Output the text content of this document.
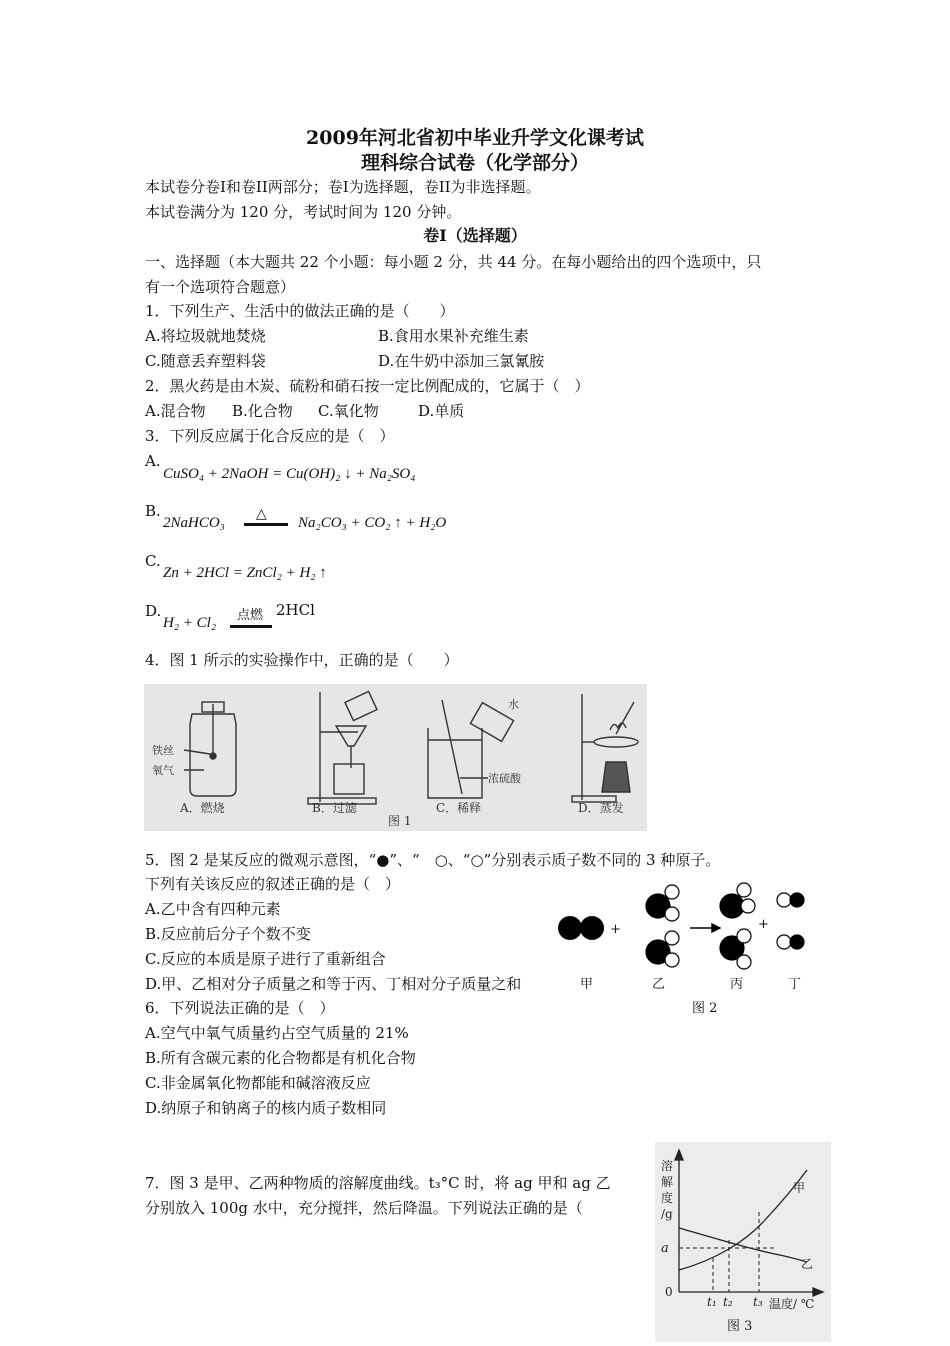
2009年河北省初中毕业升学文化课考试
理科综合试卷（化学部分）
本试卷分卷I和卷II两部分；卷I为选择题，卷II为非选择题。
本试卷满分为 120 分，考试时间为 120 分钟。
卷I（选择题）
一、选择题（本大题共 22 个小题：每小题 2 分，共 44 分。在每小题给出的四个选项中，只
有一个选项符合题意）
1．下列生产、生活中的做法正确的是（　　）
A.将垃圾就地焚烧	B.食用水果补充维生素
C.随意丢弃塑料袋	D.在牛奶中添加三氯氰胺
2．黑火药是由木炭、硫粉和硝石按一定比例配成的，它属于（　）
A.混合物 B.化合物 C.氧化物	D.单质
3．下列反应属于化合反应的是（　）
A.
CuSO₄ + 2NaOH = Cu(OH)₂ ↓ + Na₂SO₄
B.
2NaHCO₃
△
Na₂CO₃ + CO₂ ↑ + H₂O
C.
Zn + 2HCl = ZnCl₂ + H₂ ↑
D.
H₂ + Cl₂ 点燃 2HCl
4．图 1 所示的实验操作中，正确的是（　　）
铁丝
氧气
A．燃烧	B．过滤
水
浓硫酸
C．稀释	D．蒸发
图 1
5．图 2 是某反应的微观示意图，“●”、“　○、“○”分别表示质子数不同的 3 种原子。
下列有关该反应的叙述正确的是（　）
A.乙中含有四种元素
B.反应前后分子个数不变
C.反应的本质是原子进行了重新组合
D.甲、乙相对分子质量之和等于丙、丁相对分子质量之和
+	+
甲	乙	丙	丁
图 2
6．下列说法正确的是（　）
A.空气中氧气质量约占空气质量的 21%
B.所有含碳元素的化合物都是有机化合物
C.非金属氧化物都能和碱溶液反应
D.纳原子和钠离子的核内质子数相同
7．图 3 是甲、乙两种物质的溶解度曲线。t₃°C 时，将 ag 甲和 ag 乙
分别放入 100g 水中，充分搅拌，然后降温。下列说法正确的是（
溶解度/g
甲
乙
a
0
t₁ t₂ t₃ 温度/ ℃
图 3
